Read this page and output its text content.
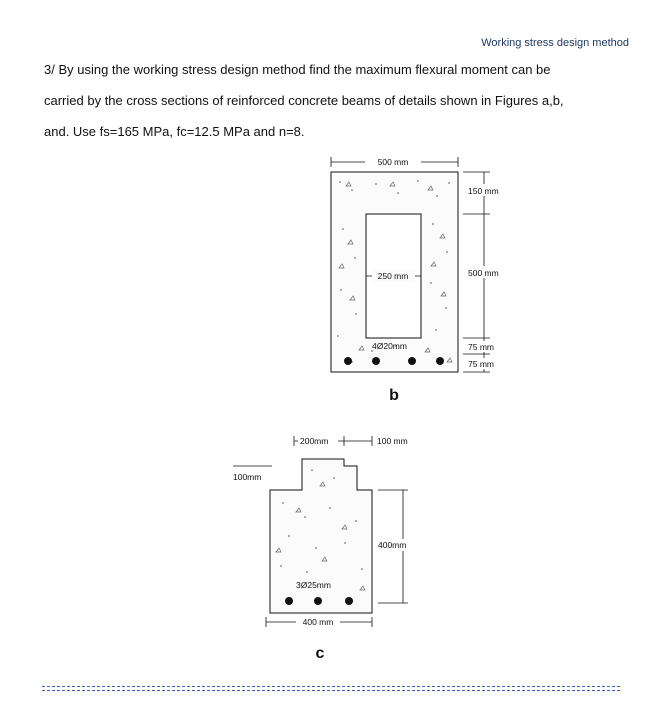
Working stress design method

3/ By using the working stress design method find the maximum flexural moment can be

carried by the cross sections of reinforced concrete beams of details shown in Figures a,b,

and. Use fs=165 MPa, fc=12.5 MPa and n=8.

500 mm
250 mm
4Ø20mm
150 mm
500 mm
75 mm
75 mm
b
200mm	100 mm
100mm
400mm
3Ø25mm
400 mm
c
